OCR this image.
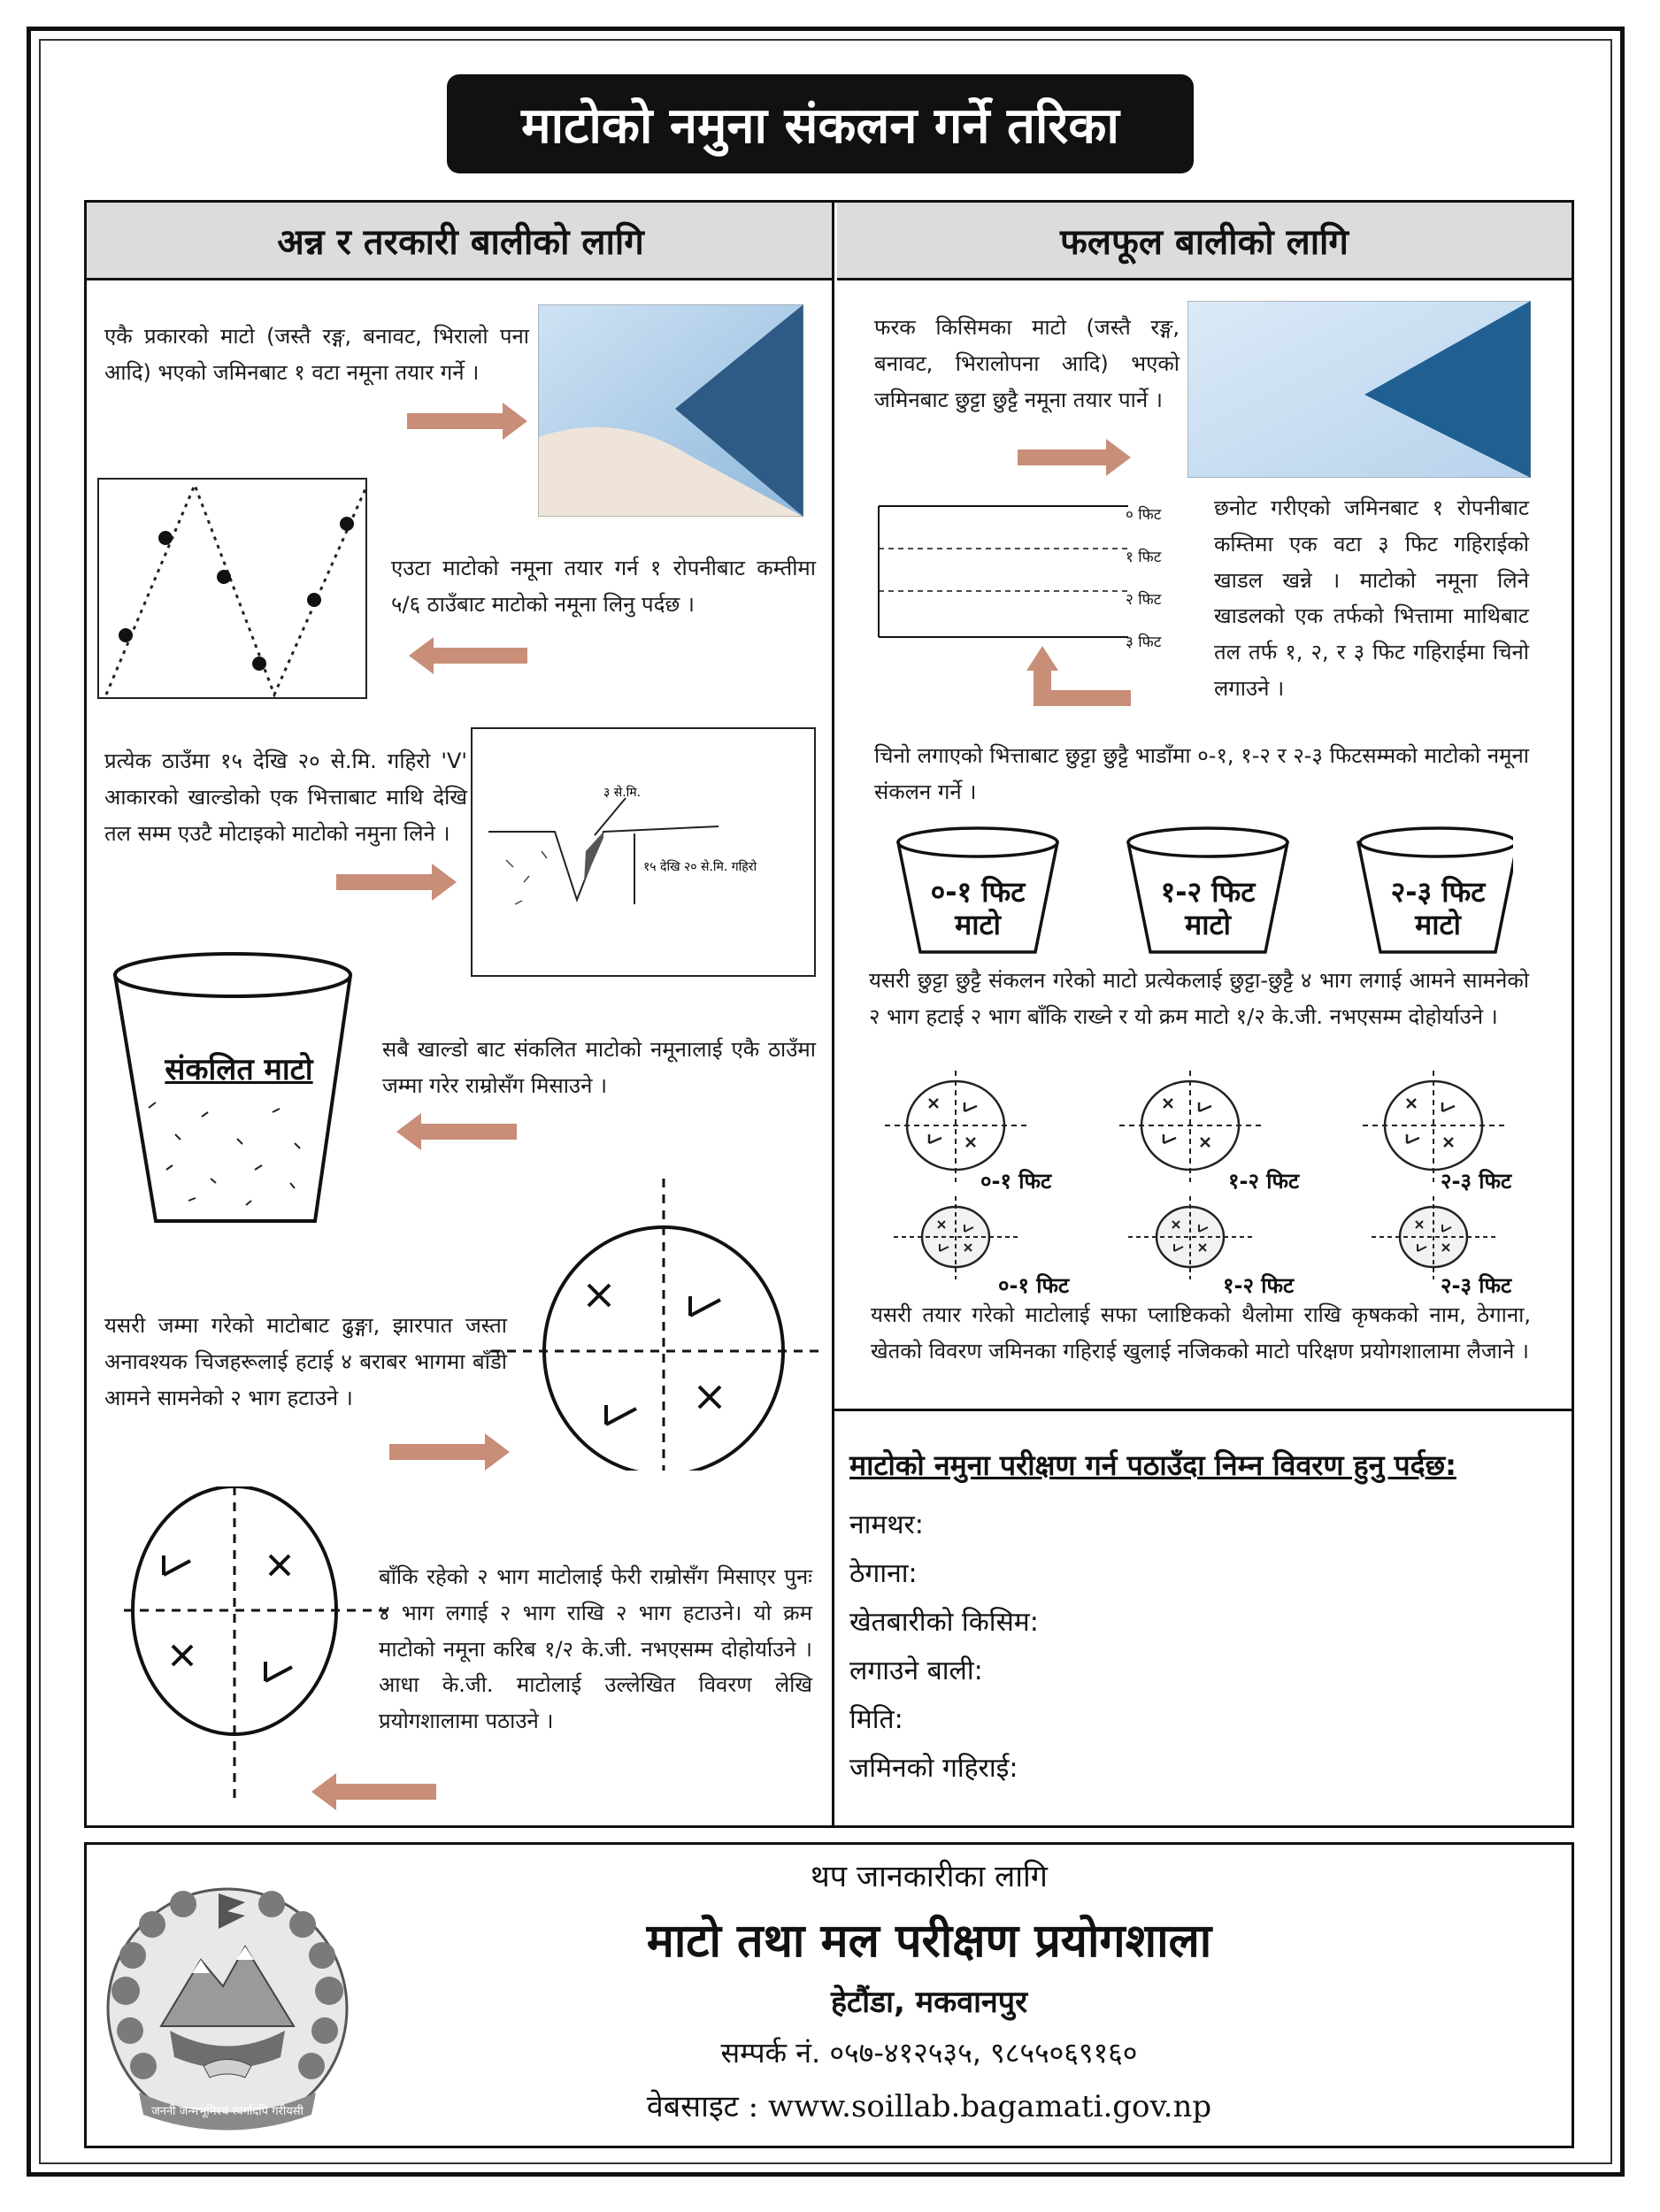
माटोको नमुना संकलन गर्ने तरिका
अन्न र तरकारी बालीको लागि	फलफूल बालीको लागि
एकै प्रकारको माटो (जस्तै रङ्ग, बनावट, भिरालो पना आदि) भएको जमिनबाट १ वटा नमूना तयार गर्ने ।
एउटा माटोको नमूना तयार गर्न १ रोपनीबाट कम्तीमा ५/६ ठाउँबाट माटोको नमूना लिनु पर्दछ ।
प्रत्येक ठाउँमा १५ देखि २० से.मि. गहिरो 'V' आकारको खाल्डोको एक भित्ताबाट माथि देखि तल सम्म एउटै मोटाइको माटोको नमुना लिने ।
३ से.मि.
१५ देखि २० से.मि. गहिरो
संकलित माटो
सबै खाल्डो बाट संकलित माटोको नमूनालाई एकै ठाउँमा जम्मा गरेर राम्रोसँग मिसाउने ।
यसरी जम्मा गरेको माटोबाट ढुङ्गा, झारपात जस्ता अनावश्यक चिजहरूलाई हटाई ४ बराबर भागमा बाँडी आमने सामनेको २ भाग हटाउने ।
बाँकि रहेको २ भाग माटोलाई फेरी राम्रोसँग मिसाएर पुनः ४ भाग लगाई २ भाग राखि २ भाग हटाउने। यो क्रम माटोको नमूना करिब १/२ के.जी. नभएसम्म दोहोर्याउने । आधा के.जी. माटोलाई उल्लेखित विवरण लेखि प्रयोगशालामा पठाउने ।
फरक किसिमका माटो (जस्तै रङ्ग, बनावट, भिरालोपना आदि) भएको जमिनबाट छुट्टा छुट्टै नमूना तयार पार्ने ।
० फिट
१ फिट
२ फिट
३ फिट
छनोट गरीएको जमिनबाट १ रोपनीबाट कम्तिमा एक वटा ३ फिट गहिराईको खाडल खन्ने । माटोको नमूना लिने खाडलको एक तर्फको भित्तामा माथिबाट तल तर्फ १, २, र ३ फिट गहिराईमा चिनो लगाउने ।
चिनो लगाएको भित्ताबाट छुट्टा छुट्टै भाडाँमा ०-१, १-२ र २-३ फिटसम्मको माटोको नमूना संकलन गर्ने ।
०-१ फिट
माटो
१-२ फिट
माटो
२-३ फिट
माटो
यसरी छुट्टा छुट्टै संकलन गरेको माटो प्रत्येकलाई छुट्टा-छुट्टै ४ भाग लगाई आमने सामनेको २ भाग हटाई २ भाग बाँकि राख्ने र यो क्रम माटो १/२ के.जी. नभएसम्म दोहोर्याउने ।
०-१ फिट	१-२ फिट	२-३ फिट
०-१ फिट	१-२ फिट	२-३ फिट
यसरी तयार गरेको माटोलाई सफा प्लाष्टिकको थैलोमा राखि कृषकको नाम, ठेगाना, खेतको विवरण जमिनका गहिराई खुलाई नजिकको माटो परिक्षण प्रयोगशालामा लैजाने ।
माटोको नमुना परीक्षण गर्न पठाउँदा निम्न विवरण हुनु पर्दछ:
नामथर:
ठेगाना:
खेतबारीको किसिम:
लगाउने बाली:
मिति:
जमिनको गहिराई:
जननी जन्मभूमिश्च स्वर्गादपि गरीयसी
थप जानकारीका लागि
माटो तथा मल परीक्षण प्रयोगशाला
हेटौंडा, मकवानपुर
सम्पर्क नं. ०५७-४१२५३५, ९८५५०६९१६०
वेबसाइट : www.soillab.bagamati.gov.np
